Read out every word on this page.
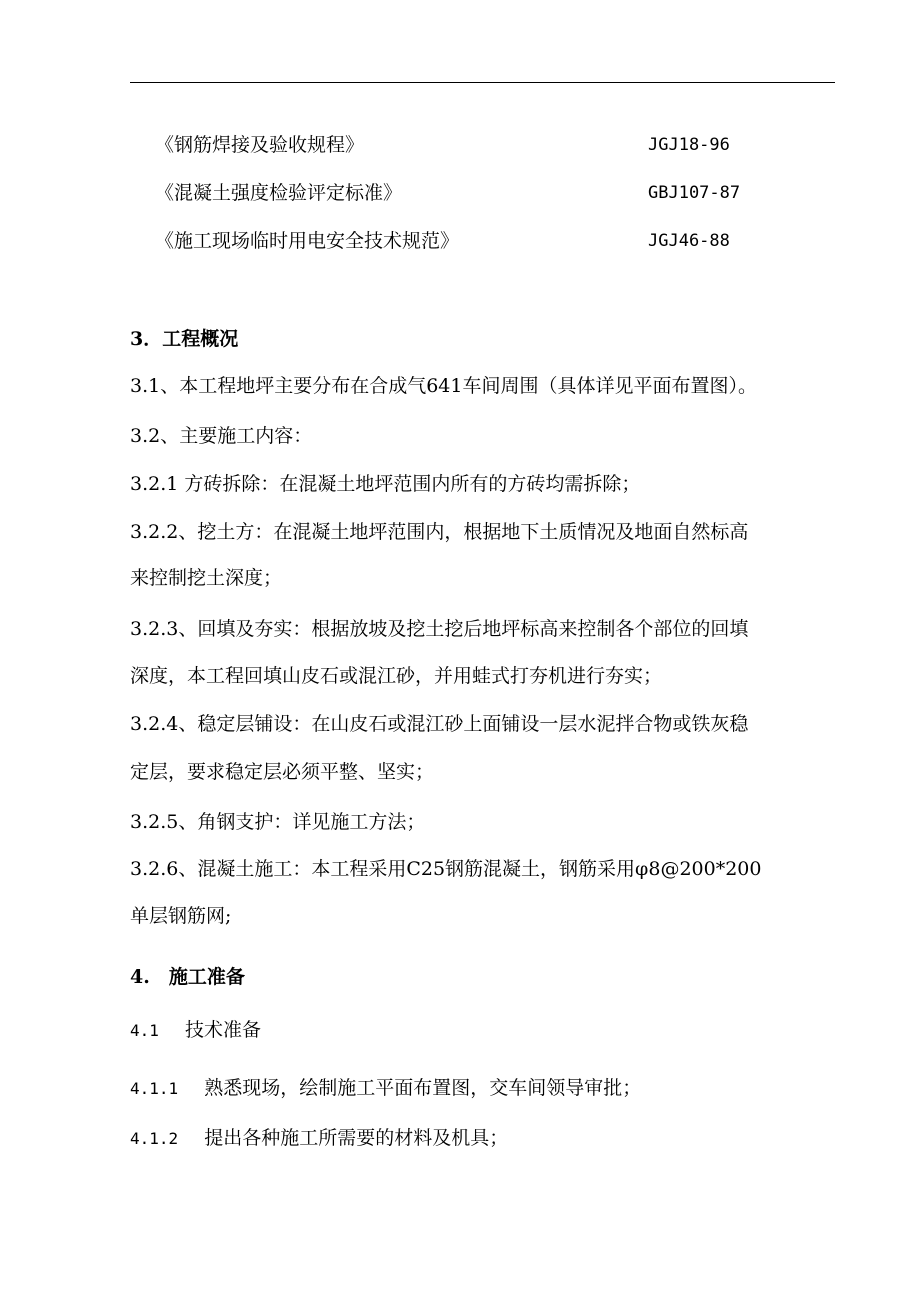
《钢筋焊接及验收规程》	JGJ18-96
《混凝土强度检验评定标准》	GBJ107-87
《施工现场临时用电安全技术规范》	JGJ46-88
3．工程概况
3.1、本工程地坪主要分布在合成气641车间周围（具体详见平面布置图）。
3.2、主要施工内容：
3.2.1 方砖拆除：在混凝土地坪范围内所有的方砖均需拆除；
3.2.2、挖土方：在混凝土地坪范围内，根据地下土质情况及地面自然标高
来控制挖土深度；
3.2.3、回填及夯实：根据放坡及挖土挖后地坪标高来控制各个部位的回填
深度，本工程回填山皮石或混江砂，并用蛙式打夯机进行夯实；
3.2.4、稳定层铺设：在山皮石或混江砂上面铺设一层水泥拌合物或铁灰稳
定层，要求稳定层必须平整、坚实；
3.2.5、角钢支护：详见施工方法；
3.2.6、混凝土施工：本工程采用C25钢筋混凝土，钢筋采用φ8@200*200
单层钢筋网;
4.　施工准备
4.1 技术准备
4.1.1 熟悉现场，绘制施工平面布置图，交车间领导审批；
4.1.2 提出各种施工所需要的材料及机具；
